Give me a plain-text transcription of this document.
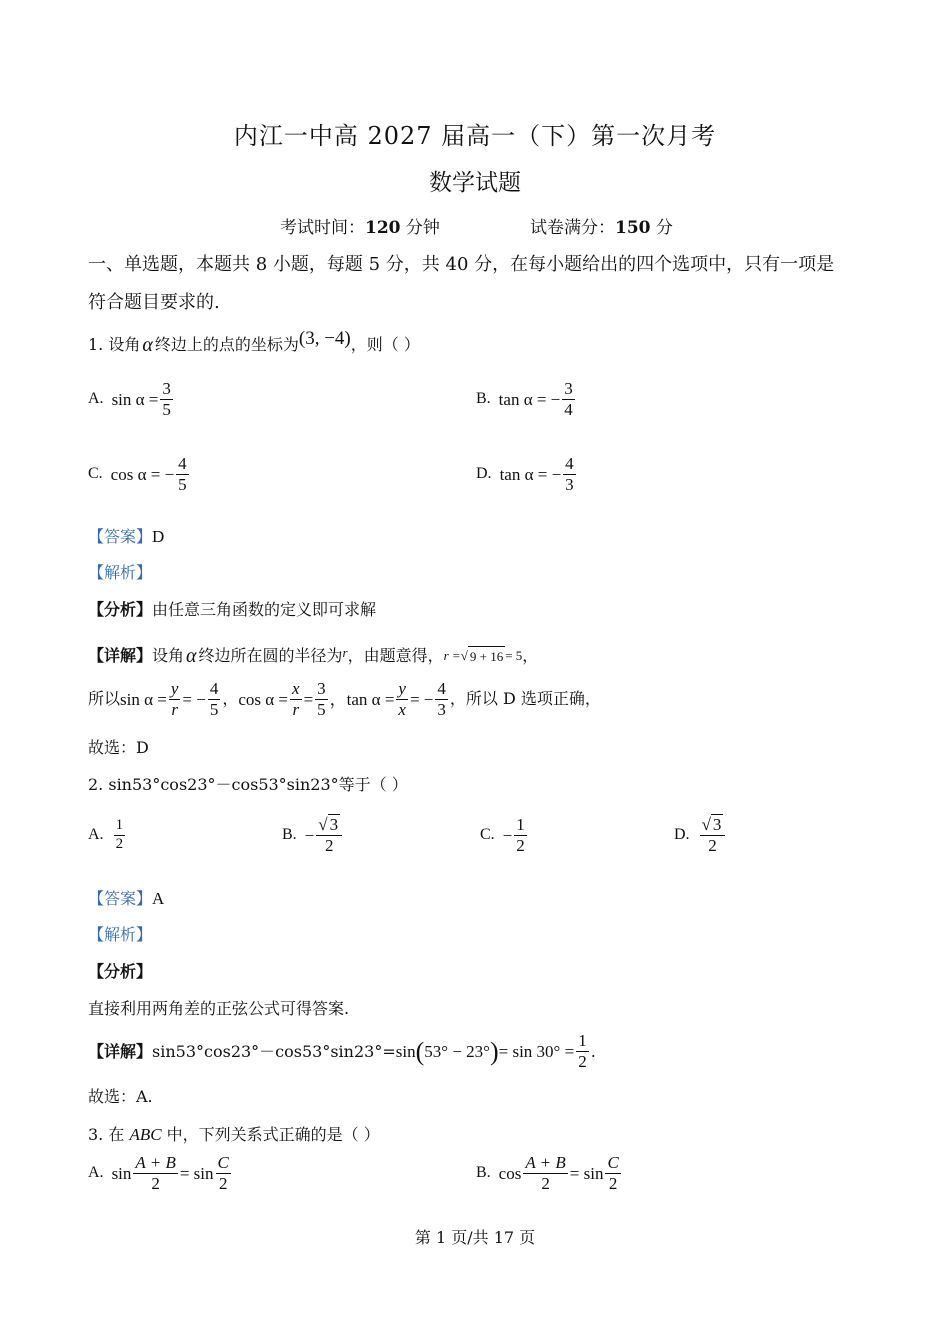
内江一中高 2027 届高一（下）第一次月考
数学试题
考试时间：120 分钟	试卷满分：150 分
一、单选题，本题共 8 小题，每题 5 分，共 40 分，在每小题给出的四个选项中，只有一项是
符合题目要求的.
1. 设角 α 终边上的点的坐标为 (3, −4) ，则（ ）
A. $\sin \alpha = \frac{3}{5}$	B. tan α = − $\frac{3}{4}$
C. cos α = − $\frac{4}{5}$	D. tan α = − $\frac{4}{3}$
【答案】D
【解析】
【分析】由任意三角函数的定义即可求解
【详解】 设角 α 终边所在圆的半径为 r ，由题意得， r = √ 9 + 16 = 5 ，
所以 $\sin \alpha = \frac{y}{r}$ = − $\frac{4}{5}$ ， $\cos \alpha = \frac{x}{r} = \frac{3}{5}$ ，$\tan \alpha = \frac{y}{x}$ = − $\frac{4}{3}$ ，所以 D 选项正确，
故选：D
2. sin53°cos23°－cos53°sin23°等于（ ）
A. $\frac{1}{2}$	B. − $\frac{√ 3}{2}$	C. − $\frac{1}{2}$	D. $\frac{√ 3}{2}$
【答案】A
【解析】
【分析】
直接利用两角差的正弦公式可得答案.
【详解】 sin53°cos23°－cos53°sin23°= sin ( 53° − 23° ) = $\sin 30^\circ = \frac{1}{2}$ .
故选：A.
3. 在 ABC 中，下列关系式正确的是（ ）
A. $\sin \frac{A + B}{2} = \sin \frac{C}{2}$	B. $\cos \frac{A + B}{2} = \sin \frac{C}{2}$
第 1 页/共 17 页
